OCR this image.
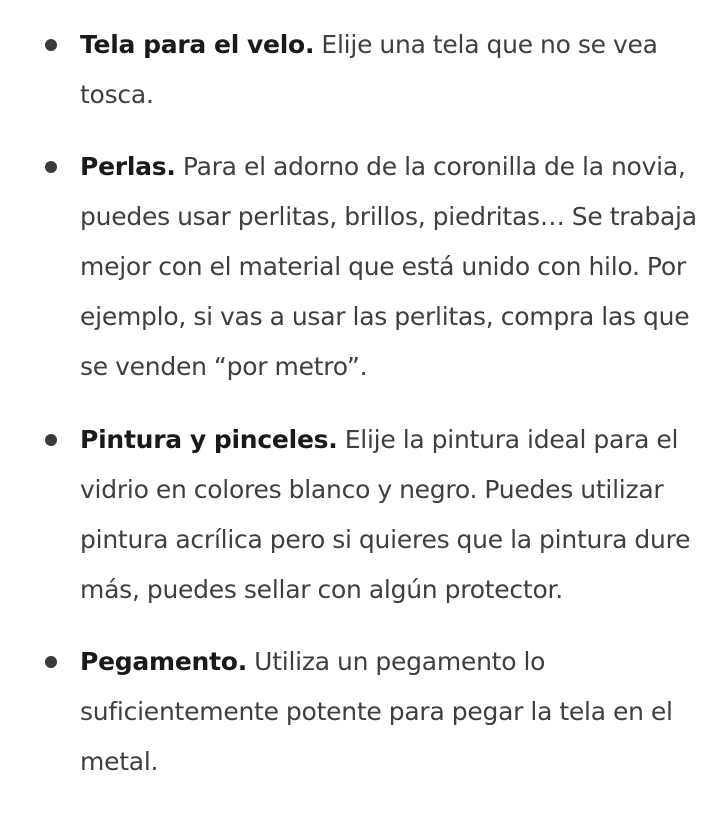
Tela para el velo. Elije una tela que no se vea tosca.
Perlas. Para el adorno de la coronilla de la novia, puedes usar perlitas, brillos, piedritas… Se trabaja mejor con el material que está unido con hilo. Por ejemplo, si vas a usar las perlitas, compra las que se venden “por metro”.
Pintura y pinceles. Elije la pintura ideal para el vidrio en colores blanco y negro. Puedes utilizar pintura acrílica pero si quieres que la pintura dure más, puedes sellar con algún protector.
Pegamento. Utiliza un pegamento lo suficientemente potente para pegar la tela en el metal.
